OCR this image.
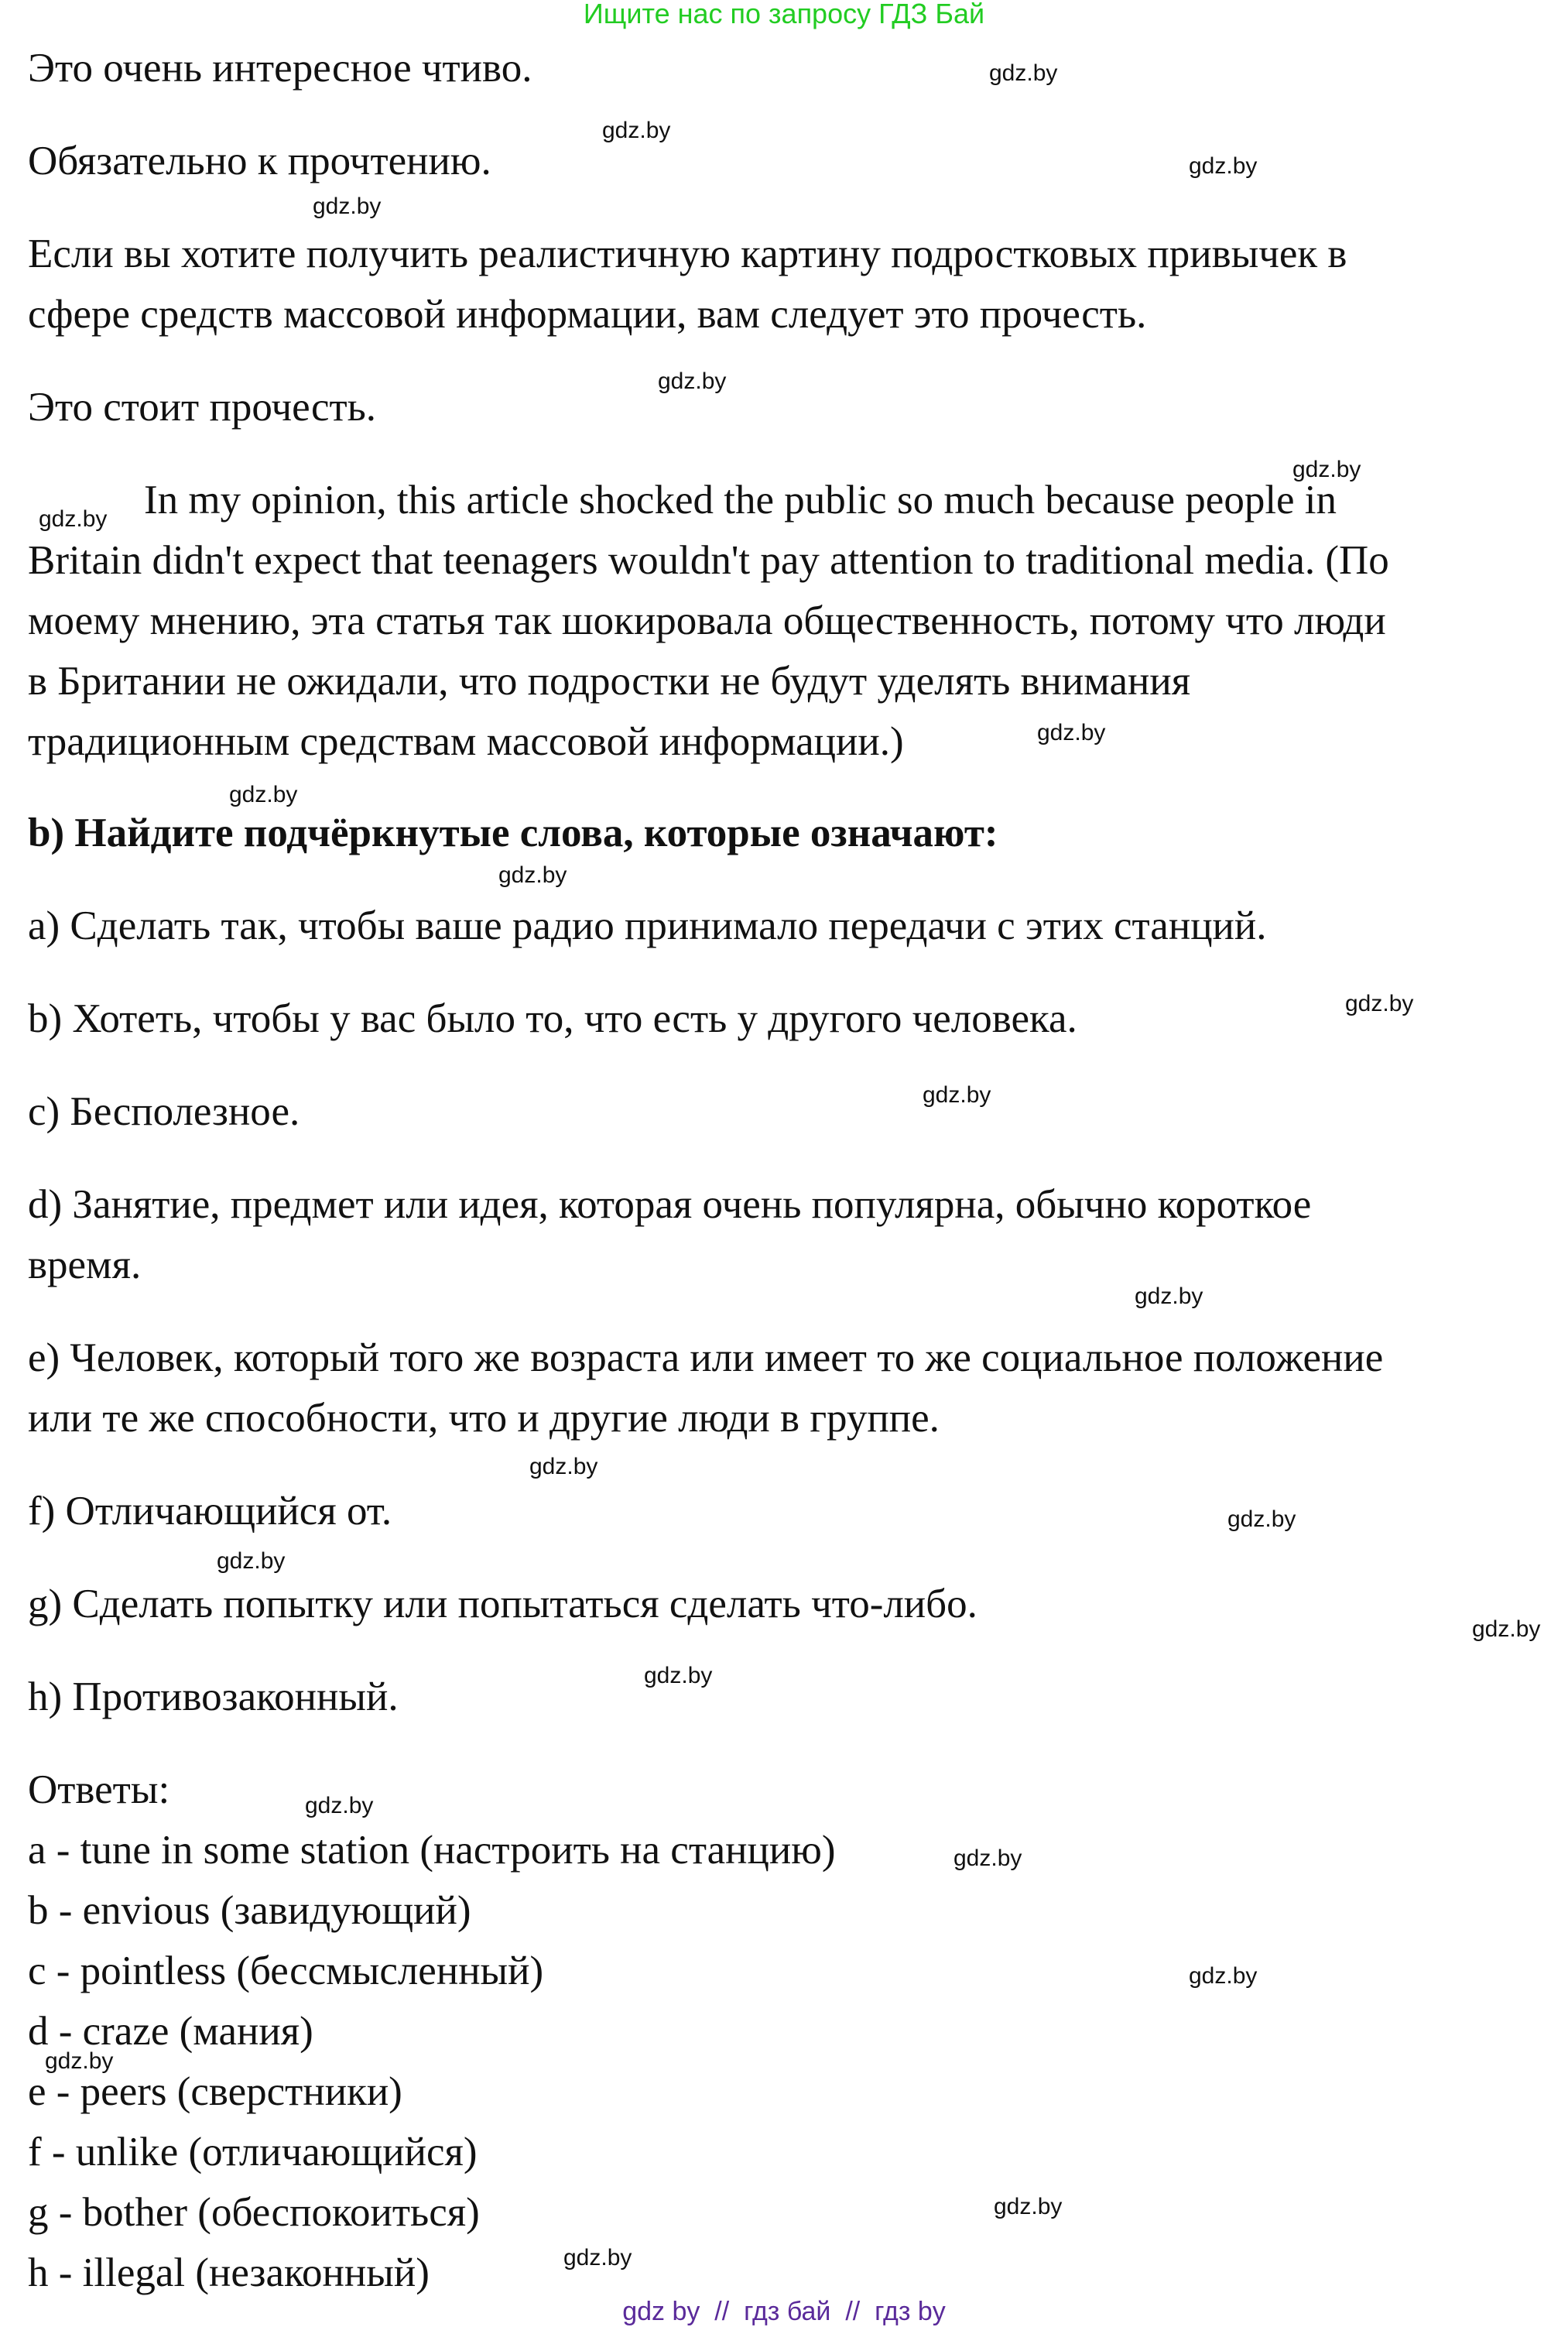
Ищите нас по запросу ГДЗ Бай
Это очень интересное чтиво.
Обязательно к прочтению.
Если вы хотите получить реалистичную картину подростковых привычек в
сфере средств массовой информации, вам следует это прочесть.
Это стоит прочесть.
In my opinion, this article shocked the public so much because people in
Britain didn't expect that teenagers wouldn't pay attention to traditional media. (По
моему мнению, эта статья так шокировала общественность, потому что люди
в Британии не ожидали, что подростки не будут уделять внимания
традиционным средствам массовой информации.)
b) Найдите подчёркнутые слова, которые означают:
a) Сделать так, чтобы ваше радио принимало передачи с этих станций.
b) Хотеть, чтобы у вас было то, что есть у другого человека.
c) Бесполезное.
d) Занятие, предмет или идея, которая очень популярна, обычно короткое
время.
e) Человек, который того же возраста или имеет то же социальное положение
или те же способности, что и другие люди в группе.
f) Отличающийся от.
g) Сделать попытку или попытаться сделать что-либо.
h) Противозаконный.
Ответы:
a - tune in some station (настроить на станцию)
b - envious (завидующий)
c - pointless (бессмысленный)
d - craze (мания)
e - peers (сверстники)
f - unlike (отличающийся)
g - bother (обеспокоиться)
h - illegal (незаконный)
gdz.by
gdz.by
gdz.by
gdz.by
gdz.by
gdz.by
gdz.by
gdz.by
gdz.by
gdz.by
gdz.by
gdz.by
gdz.by
gdz.by
gdz.by
gdz.by
gdz.by
gdz.by
gdz.by
gdz.by
gdz.by
gdz.by
gdz.by
gdz.by
gdz by  //  гдз бай  //  гдз by
